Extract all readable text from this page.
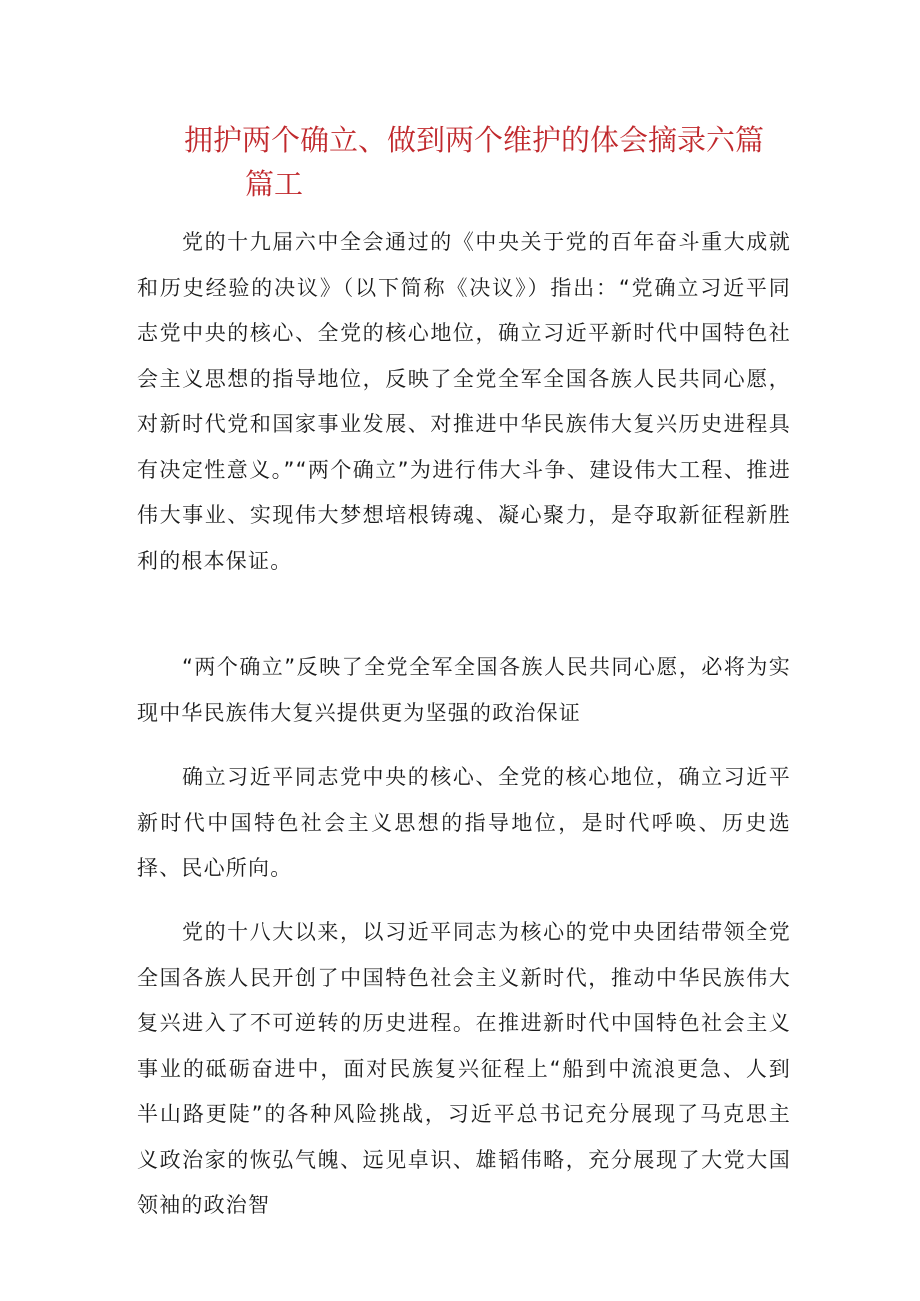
拥护两个确立、做到两个维护的体会摘录六篇
篇工

党的十九届六中全会通过的《中央关于党的百年奋斗重大成就和历史经验的决议》（以下简称《决议》）指出：“党确立习近平同志党中央的核心、全党的核心地位，确立习近平新时代中国特色社会主义思想的指导地位，反映了全党全军全国各族人民共同心愿，对新时代党和国家事业发展、对推进中华民族伟大复兴历史进程具有决定性意义。”“两个确立”为进行伟大斗争、建设伟大工程、推进伟大事业、实现伟大梦想培根铸魂、凝心聚力，是夺取新征程新胜利的根本保证。

“两个确立”反映了全党全军全国各族人民共同心愿，必将为实现中华民族伟大复兴提供更为坚强的政治保证

确立习近平同志党中央的核心、全党的核心地位，确立习近平新时代中国特色社会主义思想的指导地位，是时代呼唤、历史选择、民心所向。

党的十八大以来，以习近平同志为核心的党中央团结带领全党全国各族人民开创了中国特色社会主义新时代，推动中华民族伟大复兴进入了不可逆转的历史进程。在推进新时代中国特色社会主义事业的砥砺奋进中，面对民族复兴征程上“船到中流浪更急、人到半山路更陡”的各种风险挑战，习近平总书记充分展现了马克思主义政治家的恢弘气魄、远见卓识、雄韬伟略，充分展现了大党大国领袖的政治智
